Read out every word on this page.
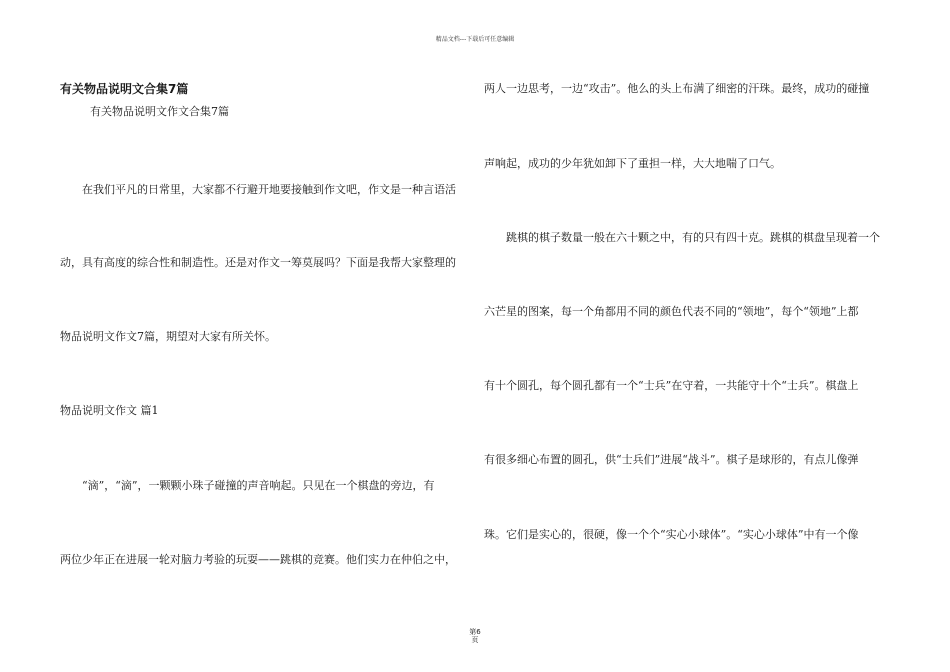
精品文档---下载后可任意编辑
有关物品说明文合集7篇
有关物品说明文作文合集7篇
在我们平凡的日常里，大家都不行避开地要接触到作文吧，作文是一种言语活
动，具有高度的综合性和制造性。还是对作文一筹莫展吗？下面是我帮大家整理的
物品说明文作文7篇，期望对大家有所关怀。
物品说明文作文 篇1
“滴”，“滴”，一颗颗小珠子碰撞的声音响起。只见在一个棋盘的旁边，有
两位少年正在进展一轮对脑力考验的玩耍——跳棋的竞赛。他们实力在仲伯之中，
两人一边思考，一边“攻击”。他么的头上布满了细密的汗珠。最终，成功的碰撞
声响起，成功的少年犹如卸下了重担一样，大大地喘了口气。
跳棋的棋子数量一般在六十颗之中，有的只有四十克。跳棋的棋盘呈现着一个
六芒星的图案，每一个角都用不同的颜色代表不同的“领地”，每个“领地”上都
有十个圆孔，每个圆孔都有一个“士兵”在守着，一共能守十个“士兵”。棋盘上
有很多细心布置的圆孔，供“士兵们”进展“战斗”。棋子是球形的，有点儿像弹
珠。它们是实心的，很硬，像一个个“实心小球体”。“实心小球体”中有一个像
第6
页
